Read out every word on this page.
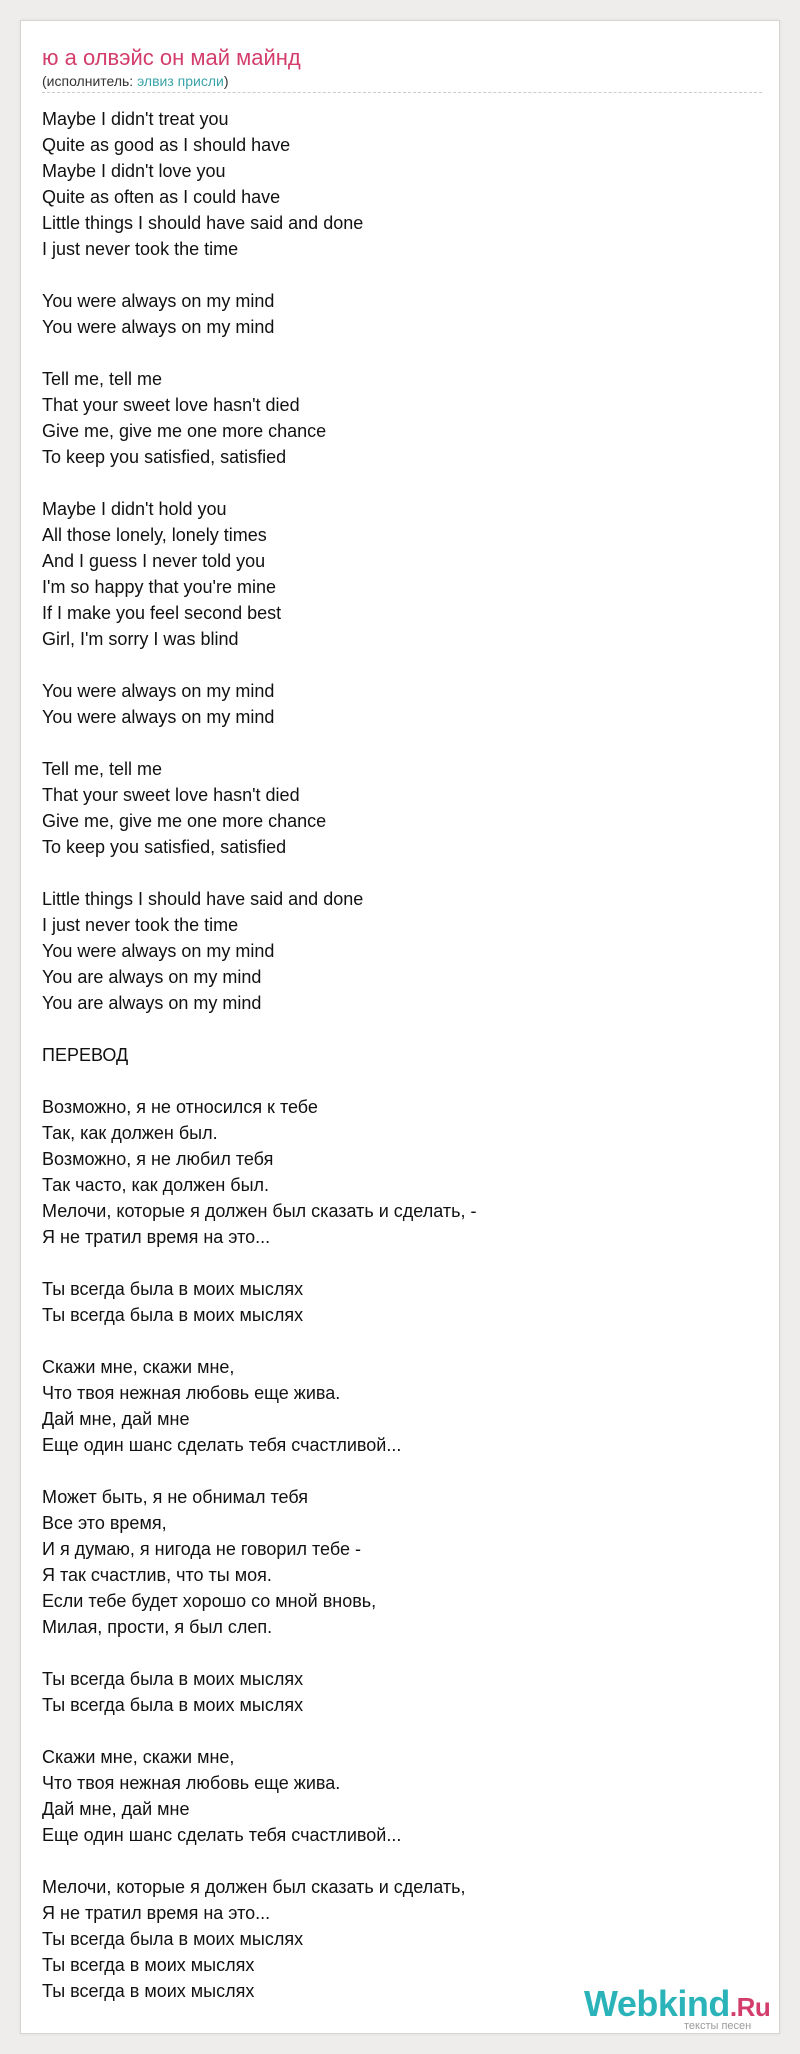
ю а олвэйс он май майнд
(исполнитель: элвиз присли)
Maybe I didn't treat you
Quite as good as I should have
Maybe I didn't love you
Quite as often as I could have
Little things I should have said and done
I just never took the time
You were always on my mind
You were always on my mind
Tell me, tell me
That your sweet love hasn't died
Give me, give me one more chance
To keep you satisfied, satisfied
Maybe I didn't hold you
All those lonely, lonely times
And I guess I never told you
I'm so happy that you're mine
If I make you feel second best
Girl, I'm sorry I was blind
You were always on my mind
You were always on my mind
Tell me, tell me
That your sweet love hasn't died
Give me, give me one more chance
To keep you satisfied, satisfied
Little things I should have said and done
I just never took the time
You were always on my mind
You are always on my mind
You are always on my mind
ПЕРЕВОД
Возможно, я не относился к тебе
Так, как должен был.
Возможно, я не любил тебя
Так часто, как должен был.
Мелочи, которые я должен был сказать и сделать, -
Я не тратил время на это...
Ты всегда была в моих мыслях
Ты всегда была в моих мыслях
Скажи мне, скажи мне,
Что твоя нежная любовь еще жива.
Дай мне, дай мне
Еще один шанс сделать тебя счастливой...
Может быть, я не обнимал тебя
Все это время,
И я думаю, я нигода не говорил тебе -
Я так счастлив, что ты моя.
Если тебе будет хорошо со мной вновь,
Милая, прости, я был слеп.
Ты всегда была в моих мыслях
Ты всегда была в моих мыслях
Скажи мне, скажи мне,
Что твоя нежная любовь еще жива.
Дай мне, дай мне
Еще один шанс сделать тебя счастливой...
Мелочи, которые я должен был сказать и сделать,
Я не тратил время на это...
Ты всегда была в моих мыслях
Ты всегда в моих мыслях
Ты всегда в моих мыслях	Webkind.Ru
тексты песен
